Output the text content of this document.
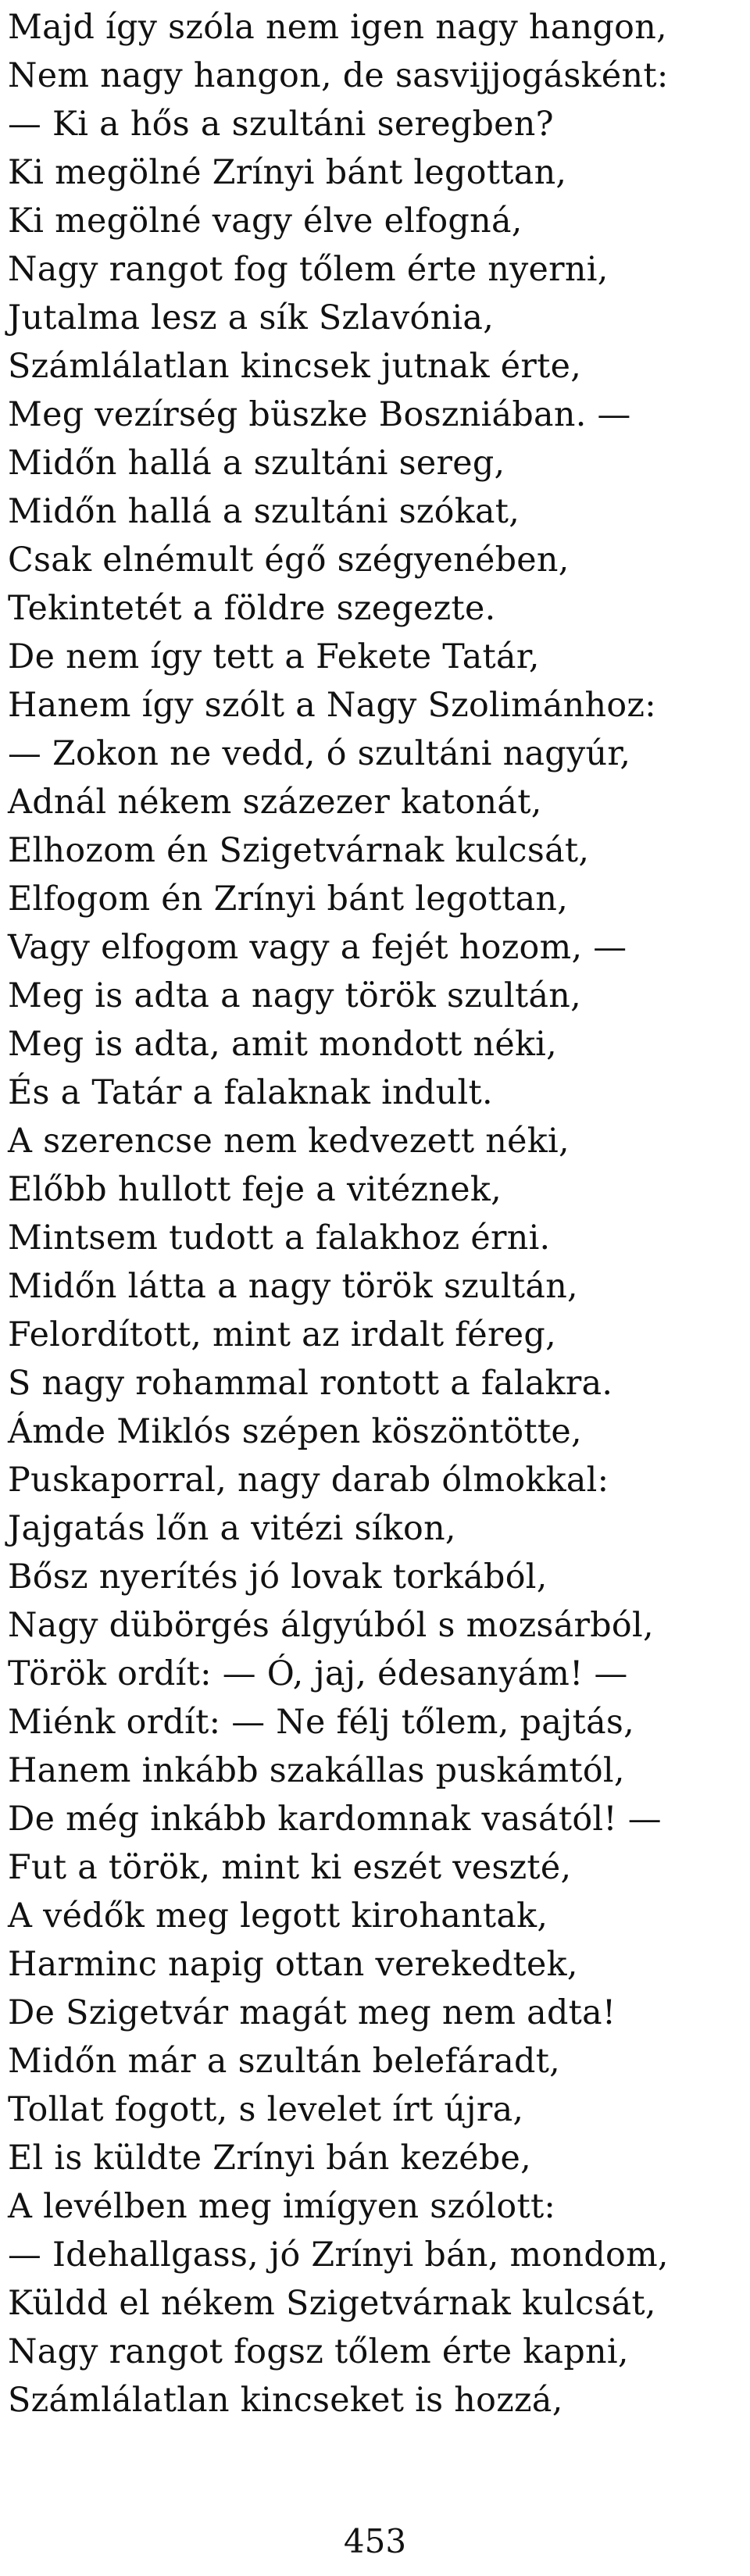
Majd így szóla nem igen nagy hangon,
Nem nagy hangon, de sasvijjogásként:
— Ki a hős a szultáni seregben?
Ki megölné Zrínyi bánt legottan,
Ki megölné vagy élve elfogná,
Nagy rangot fog tőlem érte nyerni,
Jutalma lesz a sík Szlavónia,
Számlálatlan kincsek jutnak érte,
Meg vezírség büszke Boszniában. —
Midőn hallá a szultáni sereg,
Midőn hallá a szultáni szókat,
Csak elnémult égő szégyenében,
Tekintetét a földre szegezte.
De nem így tett a Fekete Tatár,
Hanem így szólt a Nagy Szolimánhoz:
— Zokon ne vedd, ó szultáni nagyúr,
Adnál nékem százezer katonát,
Elhozom én Szigetvárnak kulcsát,
Elfogom én Zrínyi bánt legottan,
Vagy elfogom vagy a fejét hozom, —
Meg is adta a nagy török szultán,
Meg is adta, amit mondott néki,
És a Tatár a falaknak indult.
A szerencse nem kedvezett néki,
Előbb hullott feje a vitéznek,
Mintsem tudott a falakhoz érni.
Midőn látta a nagy török szultán,
Felordított, mint az irdalt féreg,
S nagy rohammal rontott a falakra.
Ámde Miklós szépen köszöntötte,
Puskaporral, nagy darab ólmokkal:
Jajgatás lőn a vitézi síkon,
Bősz nyerítés jó lovak torkából,
Nagy dübörgés álgyúból s mozsárból,
Török ordít: — Ó, jaj, édesanyám! —
Miénk ordít: — Ne félj tőlem, pajtás,
Hanem inkább szakállas puskámtól,
De még inkább kardomnak vasától! —
Fut a török, mint ki eszét veszté,
A védők meg legott kirohantak,
Harminc napig ottan verekedtek,
De Szigetvár magát meg nem adta!
Midőn már a szultán belefáradt,
Tollat fogott, s levelet írt újra,
El is küldte Zrínyi bán kezébe,
A levélben meg imígyen szólott:
— Idehallgass, jó Zrínyi bán, mondom,
Küldd el nékem Szigetvárnak kulcsát,
Nagy rangot fogsz tőlem érte kapni,
Számlálatlan kincseket is hozzá,
453
